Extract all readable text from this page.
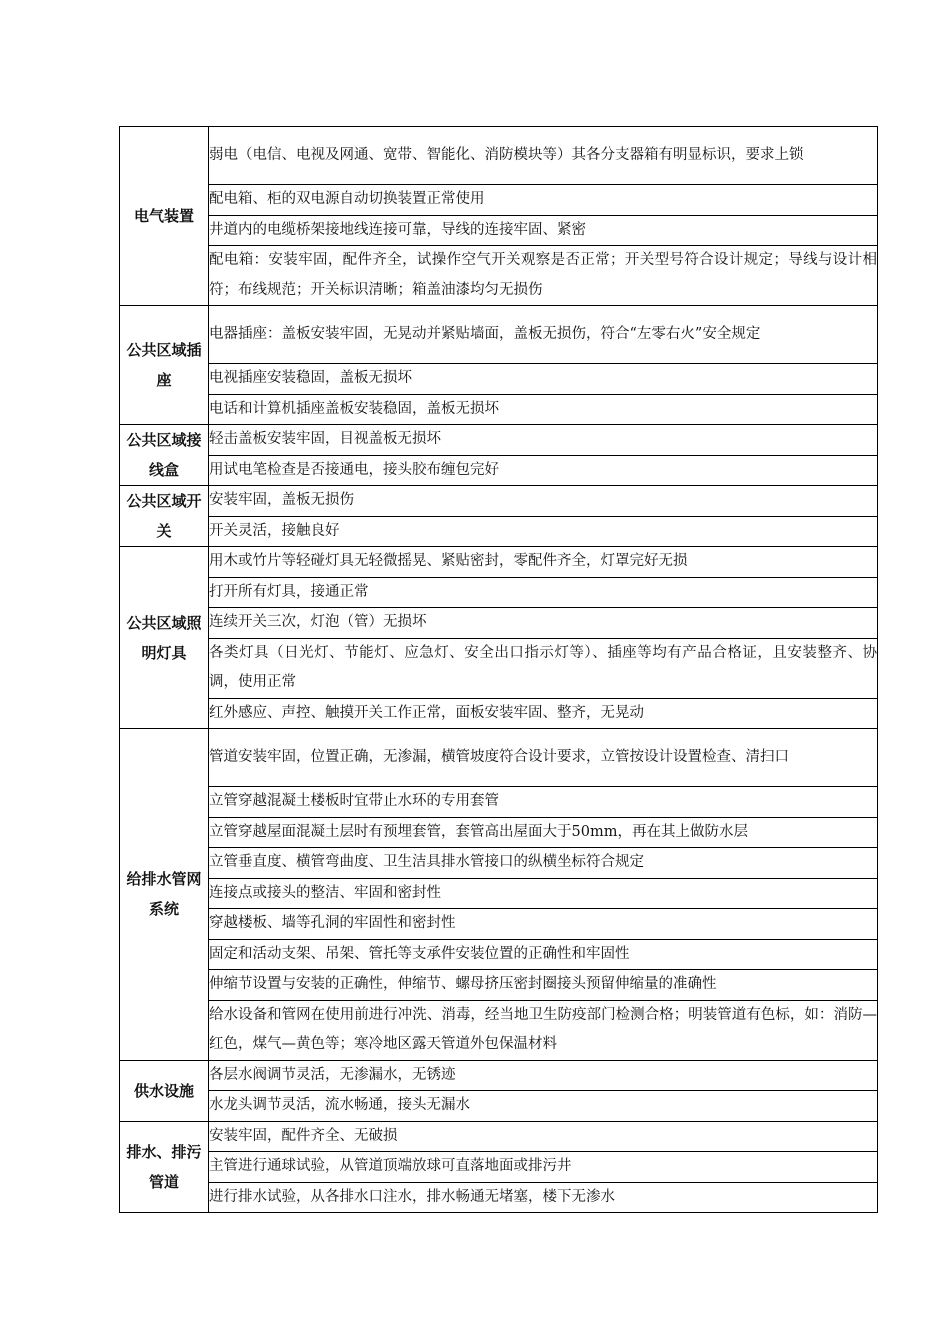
电气装置	弱电（电信、电视及网通、宽带、智能化、消防模块等）其各分支器箱有明显标识，要求上锁
	配电箱、柜的双电源自动切换装置正常使用
	井道内的电缆桥架接地线连接可靠，导线的连接牢固、紧密
	配电箱：安装牢固，配件齐全，试操作空气开关观察是否正常；开关型号符合设计规定；导线与设计相符；布线规范；开关标识清晰；箱盖油漆均匀无损伤
公共区域插座	电器插座：盖板安装牢固，无晃动并紧贴墙面，盖板无损伤，符合“左零右火”安全规定
	电视插座安装稳固，盖板无损坏
	电话和计算机插座盖板安装稳固，盖板无损坏
公共区域接线盒	轻击盖板安装牢固，目视盖板无损坏
	用试电笔检查是否接通电，接头胶布缠包完好
公共区域开关	安装牢固，盖板无损伤
	开关灵活，接触良好
公共区域照明灯具	用木或竹片等轻碰灯具无轻微摇晃、紧贴密封，零配件齐全，灯罩完好无损
	打开所有灯具，接通正常
	连续开关三次，灯泡（管）无损坏
	各类灯具（日光灯、节能灯、应急灯、安全出口指示灯等）、插座等均有产品合格证，且安装整齐、协调，使用正常
	红外感应、声控、触摸开关工作正常，面板安装牢固、整齐，无晃动
给排水管网系统	管道安装牢固，位置正确，无渗漏，横管坡度符合设计要求，立管按设计设置检查、清扫口
	立管穿越混凝土楼板时宜带止水环的专用套管
	立管穿越屋面混凝土层时有预埋套管，套管高出屋面大于50mm，再在其上做防水层
	立管垂直度、横管弯曲度、卫生洁具排水管接口的纵横坐标符合规定
	连接点或接头的整洁、牢固和密封性
	穿越楼板、墙等孔洞的牢固性和密封性
	固定和活动支架、吊架、管托等支承件安装位置的正确性和牢固性
	伸缩节设置与安装的正确性，伸缩节、螺母挤压密封圈接头预留伸缩量的准确性
	给水设备和管网在使用前进行冲洗、消毒，经当地卫生防疫部门检测合格；明装管道有色标，如：消防—红色，煤气—黄色等；寒冷地区露天管道外包保温材料
供水设施	各层水阀调节灵活，无渗漏水，无锈迹
	水龙头调节灵活，流水畅通，接头无漏水
排水、排污管道	安装牢固，配件齐全、无破损
	主管进行通球试验，从管道顶端放球可直落地面或排污井
	进行排水试验，从各排水口注水，排水畅通无堵塞，楼下无渗水
